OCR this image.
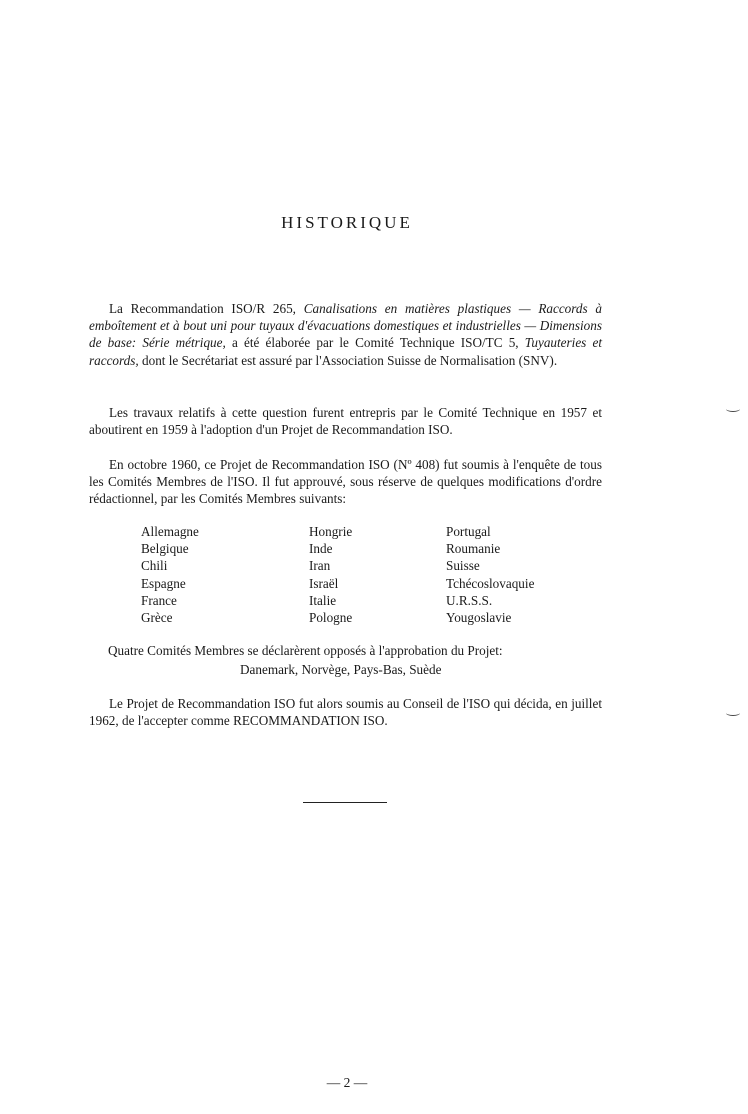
HISTORIQUE

La Recommandation ISO/R 265, Canalisations en matières plastiques — Raccords à emboîtement et à bout uni pour tuyaux d'évacuations domestiques et industrielles — Dimensions de base: Série métrique, a été élaborée par le Comité Technique ISO/TC 5, Tuyauteries et raccords, dont le Secrétariat est assuré par l'Association Suisse de Normalisation (SNV).

Les travaux relatifs à cette question furent entrepris par le Comité Technique en 1957 et aboutirent en 1959 à l'adoption d'un Projet de Recommandation ISO.

En octobre 1960, ce Projet de Recommandation ISO (Nº 408) fut soumis à l'enquête de tous les Comités Membres de l'ISO. Il fut approuvé, sous réserve de quelques modifications d'ordre rédactionnel, par les Comités Membres suivants:

Allemagne
Belgique
Chili
Espagne
France
Grèce
Hongrie
Inde
Iran
Israël
Italie
Pologne
Portugal
Roumanie
Suisse
Tchécoslovaquie
U.R.S.S.
Yougoslavie
Quatre Comités Membres se déclarèrent opposés à l'approbation du Projet:
Danemark, Norvège, Pays-Bas, Suède

Le Projet de Recommandation ISO fut alors soumis au Conseil de l'ISO qui décida, en juillet 1962, de l'accepter comme RECOMMANDATION ISO.

— 2 —
